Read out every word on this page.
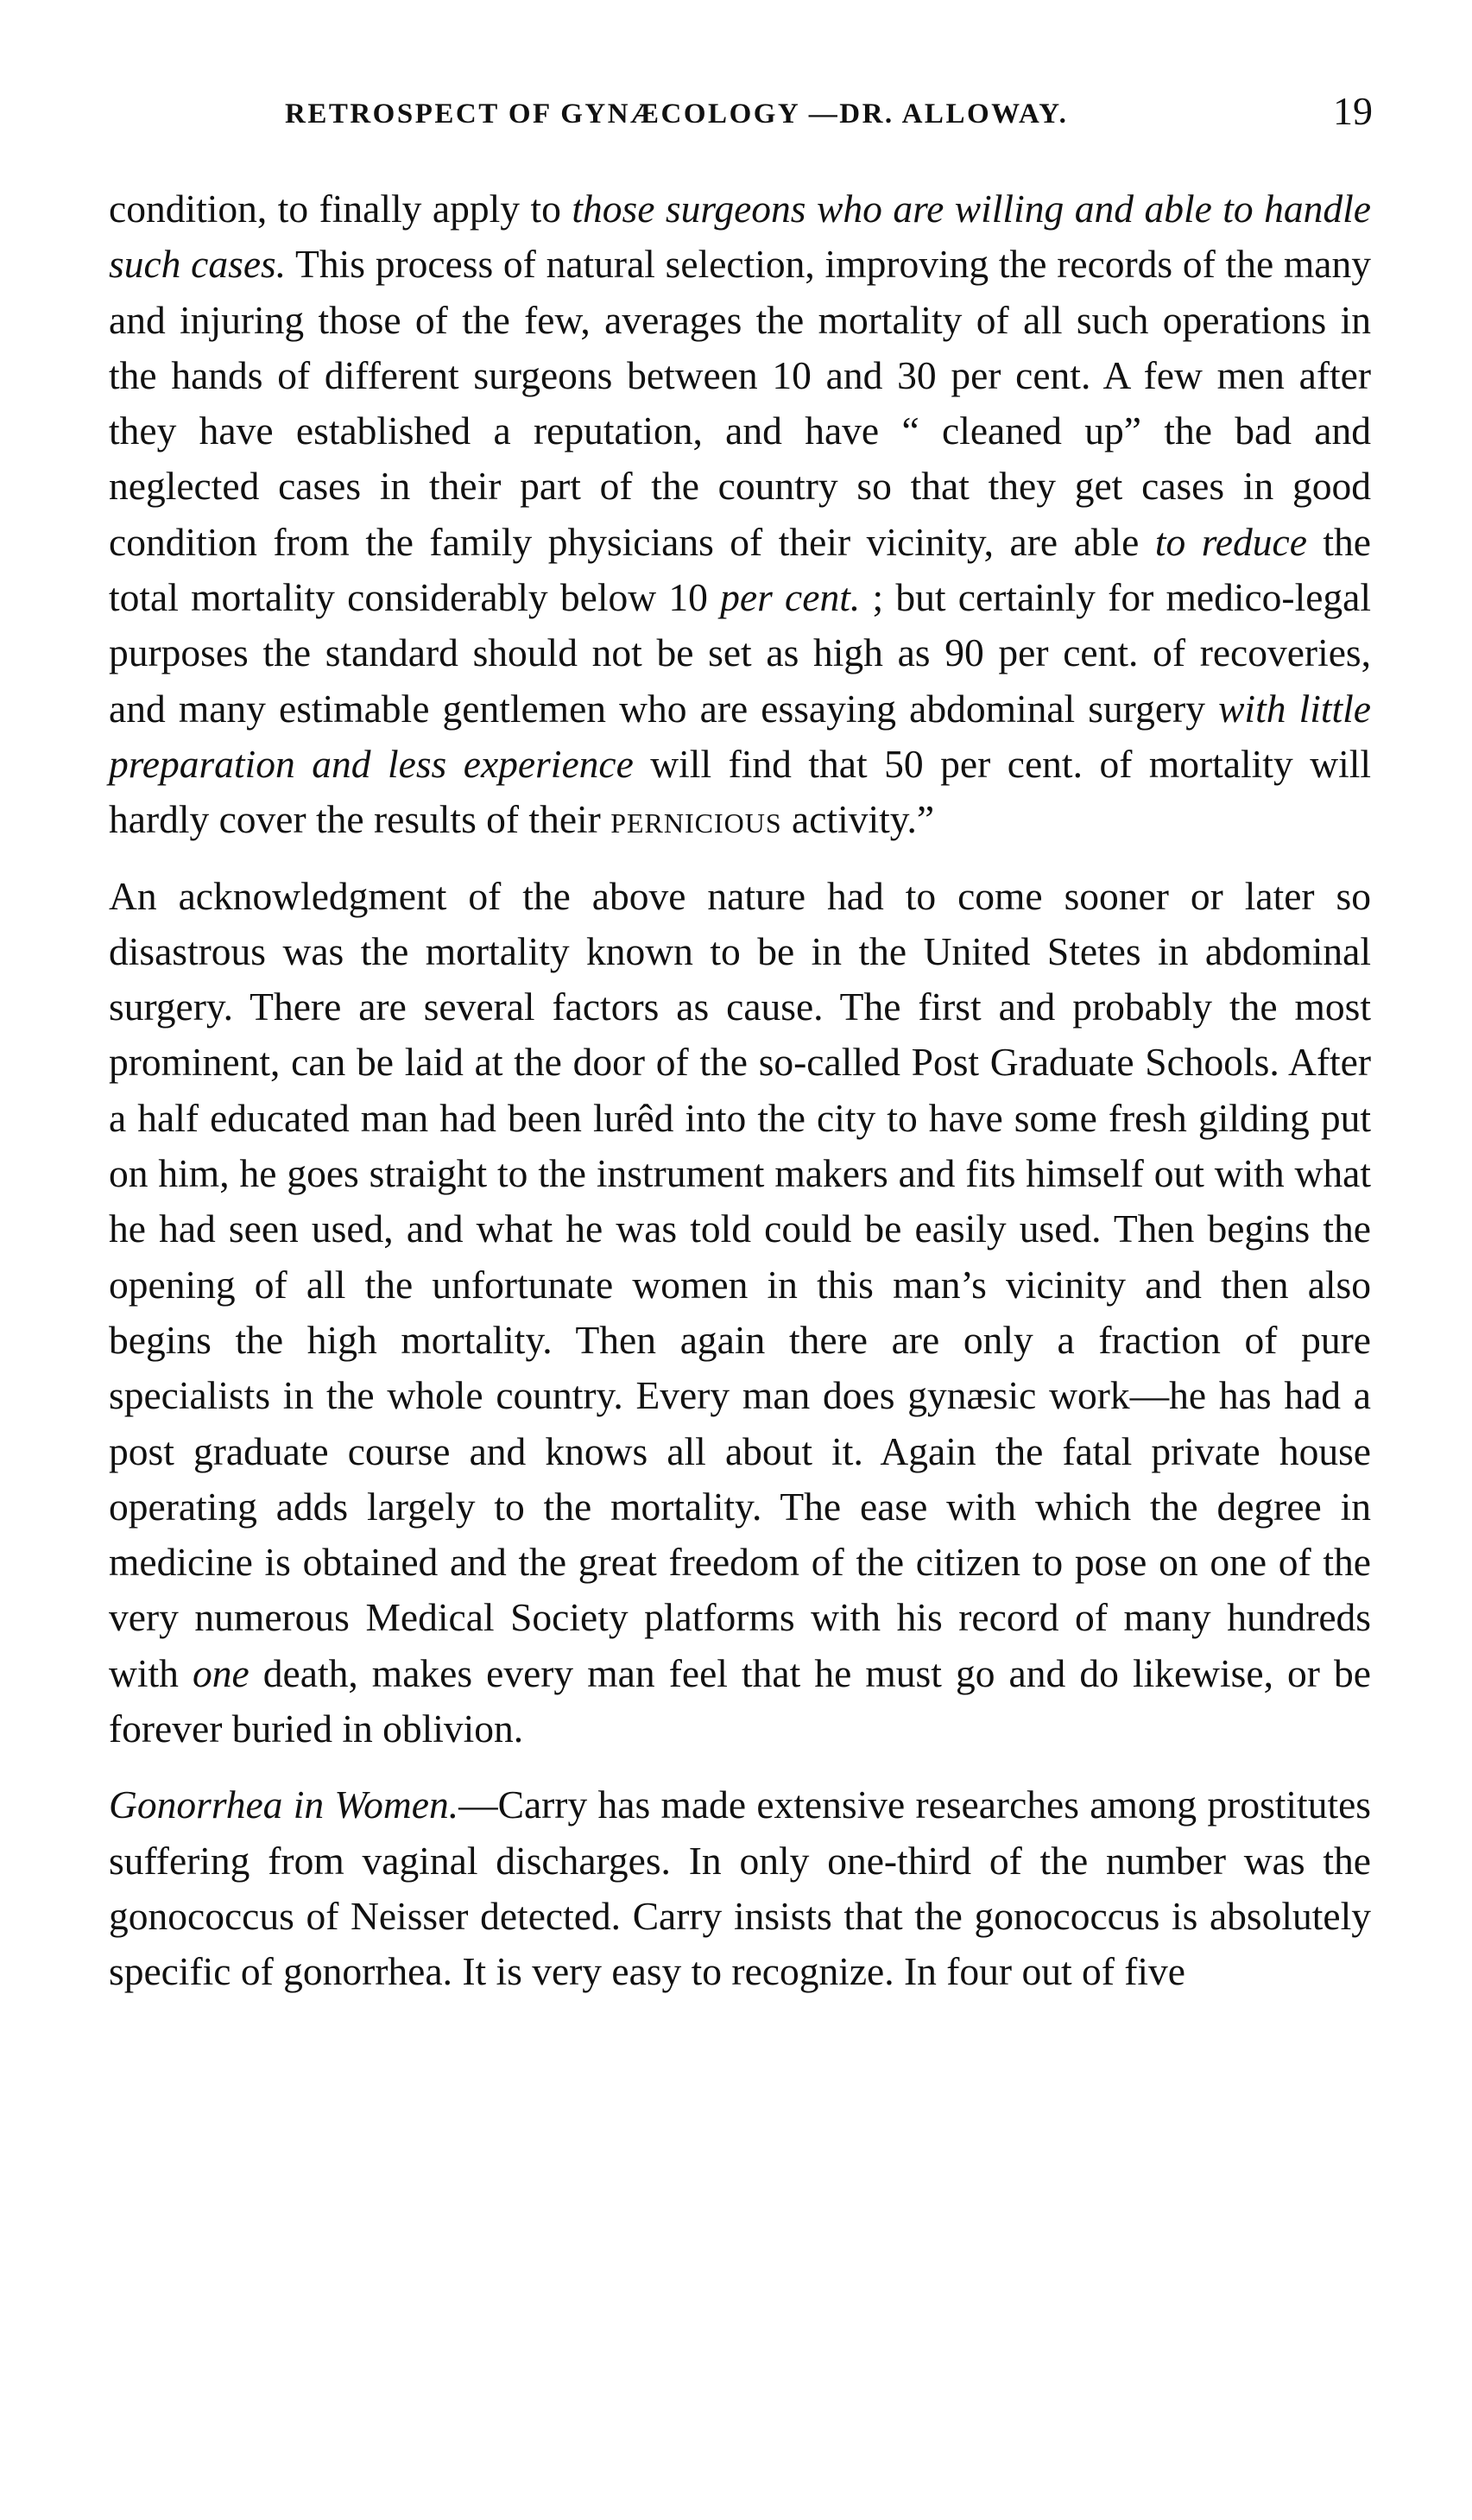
RETROSPECT OF GYNÆCOLOGY —DR. ALLOWAY.	19

condition, to finally apply to those surgeons who are willing and able to handle such cases. This process of natural selection, improving the records of the many and injuring those of the few, averages the mortality of all such operations in the hands of different surgeons between 10 and 30 per cent. A few men after they have established a reputation, and have “ cleaned up” the bad and neglected cases in their part of the country so that they get cases in good condition from the family physicians of their vicinity, are able to reduce the total mortality considerably below 10 per cent. ; but certainly for medico-legal purposes the standard should not be set as high as 90 per cent. of recoveries, and many estimable gentlemen who are essaying abdominal surgery with little preparation and less experience will find that 50 per cent. of mortality will hardly cover the results of their pernicious activity.”

An acknowledgment of the above nature had to come sooner or later so disastrous was the mortality known to be in the United Stetes in abdominal surgery. There are several factors as cause. The first and probably the most prominent, can be laid at the door of the so-called Post Graduate Schools. After a half educated man had been lurêd into the city to have some fresh gilding put on him, he goes straight to the instrument makers and fits himself out with what he had seen used, and what he was told could be easily used. Then begins the opening of all the unfortunate women in this man’s vicinity and then also begins the high mortality. Then again there are only a fraction of pure specialists in the whole country. Every man does gynæsic work—he has had a post graduate course and knows all about it. Again the fatal private house operating adds largely to the mortality. The ease with which the degree in medicine is obtained and the great freedom of the citizen to pose on one of the very numerous Medical Society platforms with his record of many hundreds with one death, makes every man feel that he must go and do likewise, or be forever buried in oblivion.

Gonorrhea in Women.—Carry has made extensive researches among prostitutes suffering from vaginal discharges. In only one-third of the number was the gonococcus of Neisser detected. Carry insists that the gonococcus is absolutely specific of gonorrhea. It is very easy to recognize. In four out of five
